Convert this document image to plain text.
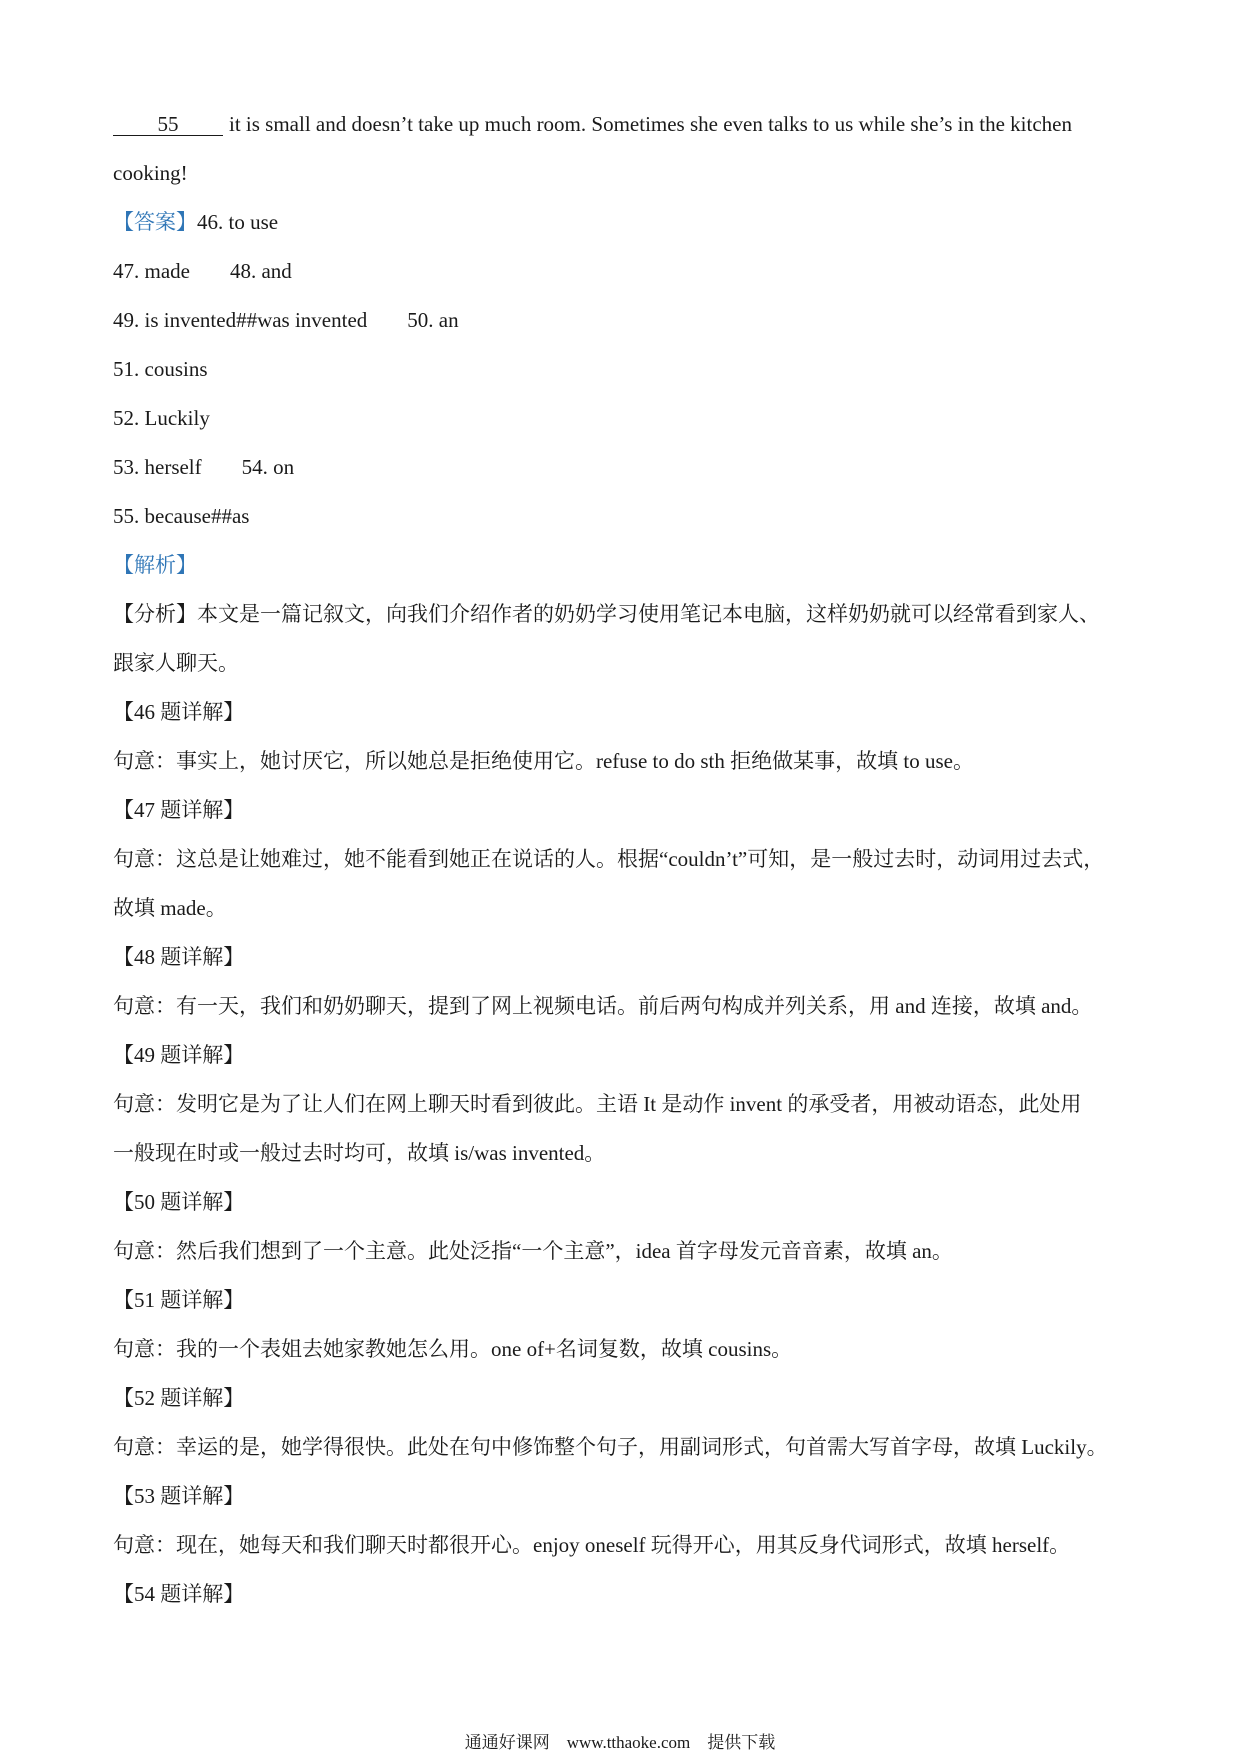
55 it is small and doesn’t take up much room. Sometimes she even talks to us while she’s in the kitchen
cooking!
【答案】46. to use
47. made 48. and
49. is invented##was invented 50. an
51. cousins
52. Luckily
53. herself 54. on
55. because##as
【解析】
【分析】本文是一篇记叙文，向我们介绍作者的奶奶学习使用笔记本电脑，这样奶奶就可以经常看到家人、
跟家人聊天。
【46 题详解】
句意：事实上，她讨厌它，所以她总是拒绝使用它。refuse to do sth 拒绝做某事，故填 to use。
【47 题详解】
句意：这总是让她难过，她不能看到她正在说话的人。根据“couldn’t”可知，是一般过去时，动词用过去式，
故填 made。
【48 题详解】
句意：有一天，我们和奶奶聊天，提到了网上视频电话。前后两句构成并列关系，用 and 连接，故填 and。
【49 题详解】
句意：发明它是为了让人们在网上聊天时看到彼此。主语 It 是动作 invent 的承受者，用被动语态，此处用
一般现在时或一般过去时均可，故填 is/was invented。
【50 题详解】
句意：然后我们想到了一个主意。此处泛指“一个主意”，idea 首字母发元音音素，故填 an。
【51 题详解】
句意：我的一个表姐去她家教她怎么用。one of+名词复数，故填 cousins。
【52 题详解】
句意：幸运的是，她学得很快。此处在句中修饰整个句子，用副词形式，句首需大写首字母，故填 Luckily。
【53 题详解】
句意：现在，她每天和我们聊天时都很开心。enjoy oneself 玩得开心，用其反身代词形式，故填 herself。
【54 题详解】
通通好课网　www.tthaoke.com　提供下载
